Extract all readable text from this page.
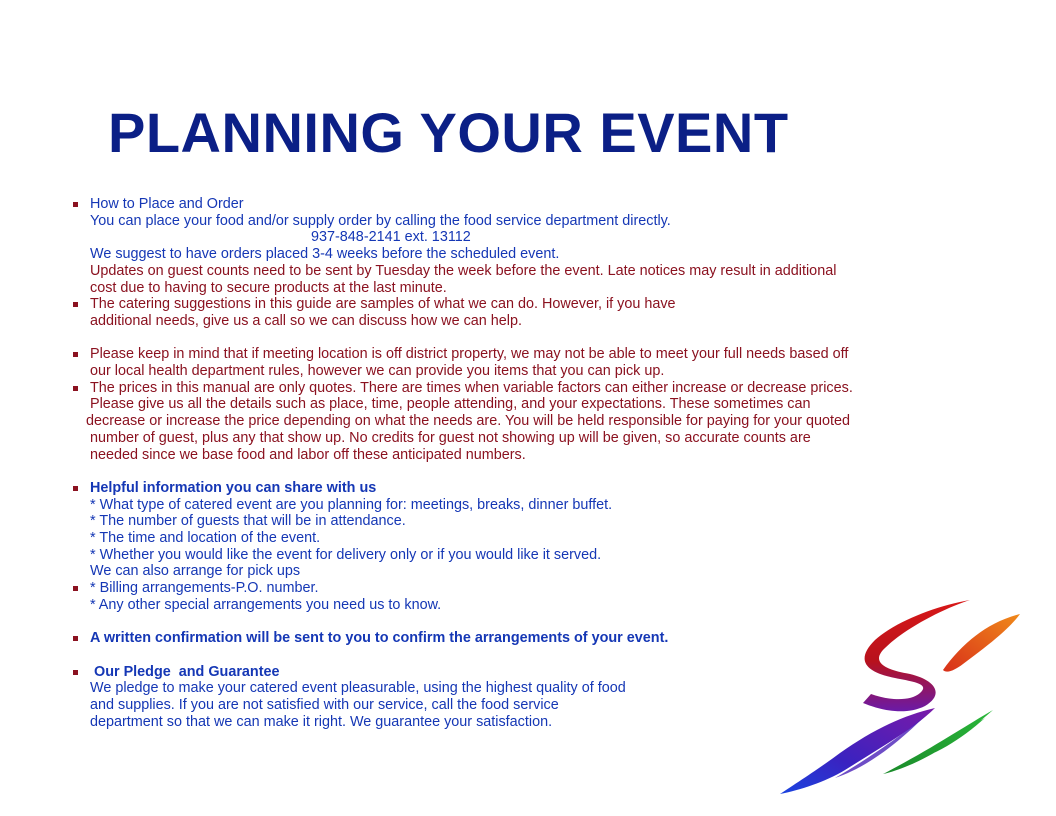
PLANNING YOUR EVENT
How to Place and Order
You can place your food and/or supply order by calling the food service department directly.
937-848-2141 ext. 13112
We suggest to have orders placed 3-4 weeks before the scheduled event.
Updates on guest counts need to be sent by Tuesday the week before the event. Late notices may result in additional
cost due to having to secure products at the last minute.
The catering suggestions in this guide are samples of what we can do. However, if you have
additional needs, give us a call so we can discuss how we can help.
Please keep in mind that if meeting location is off district property, we may not be able to meet your full needs based off
our local health department rules, however we can provide you items that you can pick up.
The prices in this manual are only quotes. There are times when variable factors can either increase or decrease prices.
Please give us all the details such as place, time, people attending, and your expectations. These sometimes can
decrease or increase the price depending on what the needs are. You will be held responsible for paying for your quoted
number of guest, plus any that show up. No credits for guest not showing up will be given, so accurate counts are
needed since we base food and labor off these anticipated numbers.
Helpful information you can share with us
* What type of catered event are you planning for: meetings, breaks, dinner buffet.
* The number of guests that will be in attendance.
* The time and location of the event.
* Whether you would like the event for delivery only or if you would like it served.
We can also arrange for pick ups
* Billing arrangements-P.O. number.
* Any other special arrangements you need us to know.
A written confirmation will be sent to you to confirm the arrangements of your event.
Our Pledge  and Guarantee
We pledge to make your catered event pleasurable, using the highest quality of food
and supplies. If you are not satisfied with our service, call the food service
department so that we can make it right. We guarantee your satisfaction.
